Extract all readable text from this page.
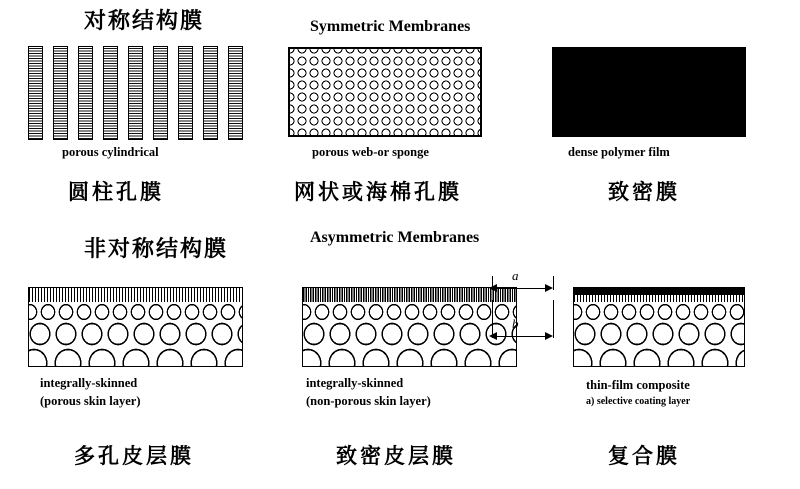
对称结构膜	Symmetric Membranes
porous cylindrical	porous web-or sponge	dense polymer film
圆柱孔膜	网状或海棉孔膜	致密膜
非对称结构膜	Asymmetric Membranes
a
b
integrally-skinned
(porous skin layer)
integrally-skinned
(non-porous skin layer)
thin-film composite
a) selective coating layer
多孔皮层膜	致密皮层膜	复合膜
